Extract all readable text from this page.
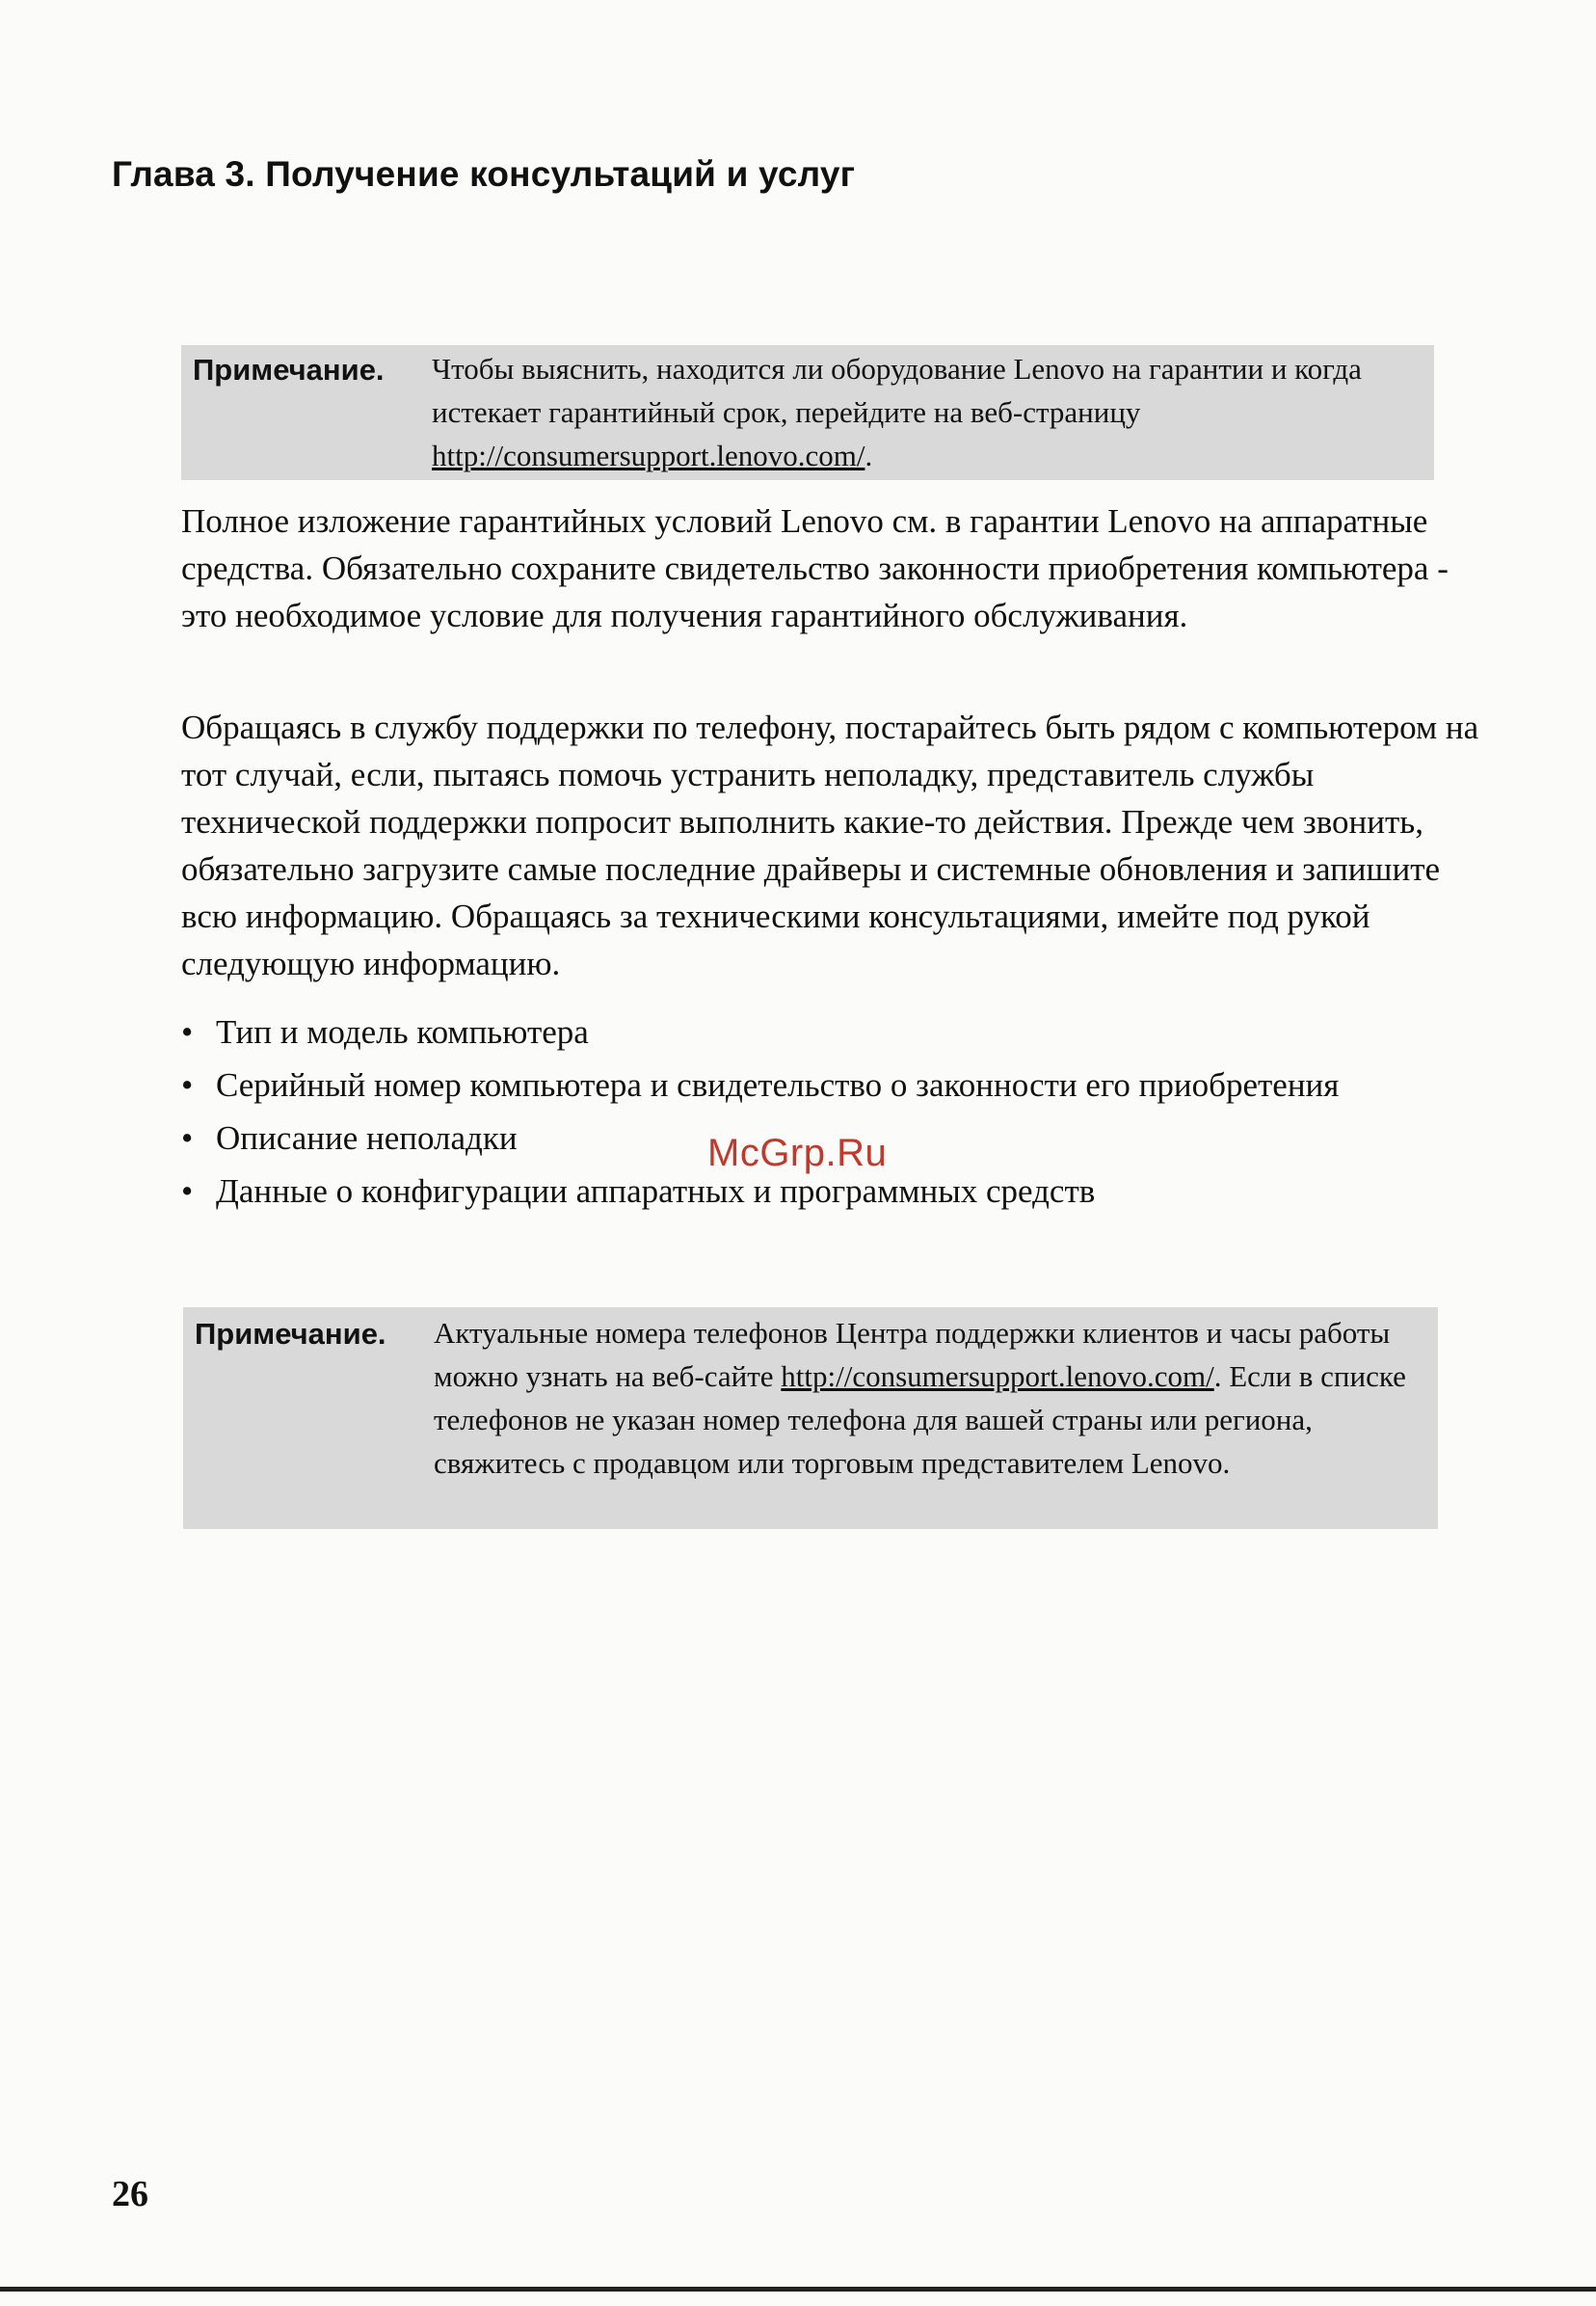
Глава 3. Получение консультаций и услуг
Примечание.	Чтобы выяснить, находится ли оборудование Lenovo на гарантии и когда истекает гарантийный срок, перейдите на веб-страницу http://consumersupport.lenovo.com/.
Полное изложение гарантийных условий Lenovo см. в гарантии Lenovo на аппаратные средства. Обязательно сохраните свидетельство законности приобретения компьютера - это необходимое условие для получения гарантийного обслуживания.
Обращаясь в службу поддержки по телефону, постарайтесь быть рядом с компьютером на тот случай, если, пытаясь помочь устранить неполадку, представитель службы технической поддержки попросит выполнить какие-то действия. Прежде чем звонить, обязательно загрузите самые последние драйверы и системные обновления и запишите всю информацию. Обращаясь за техническими консультациями, имейте под рукой следующую информацию.
• Тип и модель компьютера
• Серийный номер компьютера и свидетельство о законности его приобретения
• Описание неполадки
• Данные о конфигурации аппаратных и программных средств
McGrp.Ru
Примечание.	Актуальные номера телефонов Центра поддержки клиентов и часы работы можно узнать на веб-сайте http://consumersupport.lenovo.com/. Если в списке телефонов не указан номер телефона для вашей страны или региона, свяжитесь с продавцом или торговым представителем Lenovo.
26
